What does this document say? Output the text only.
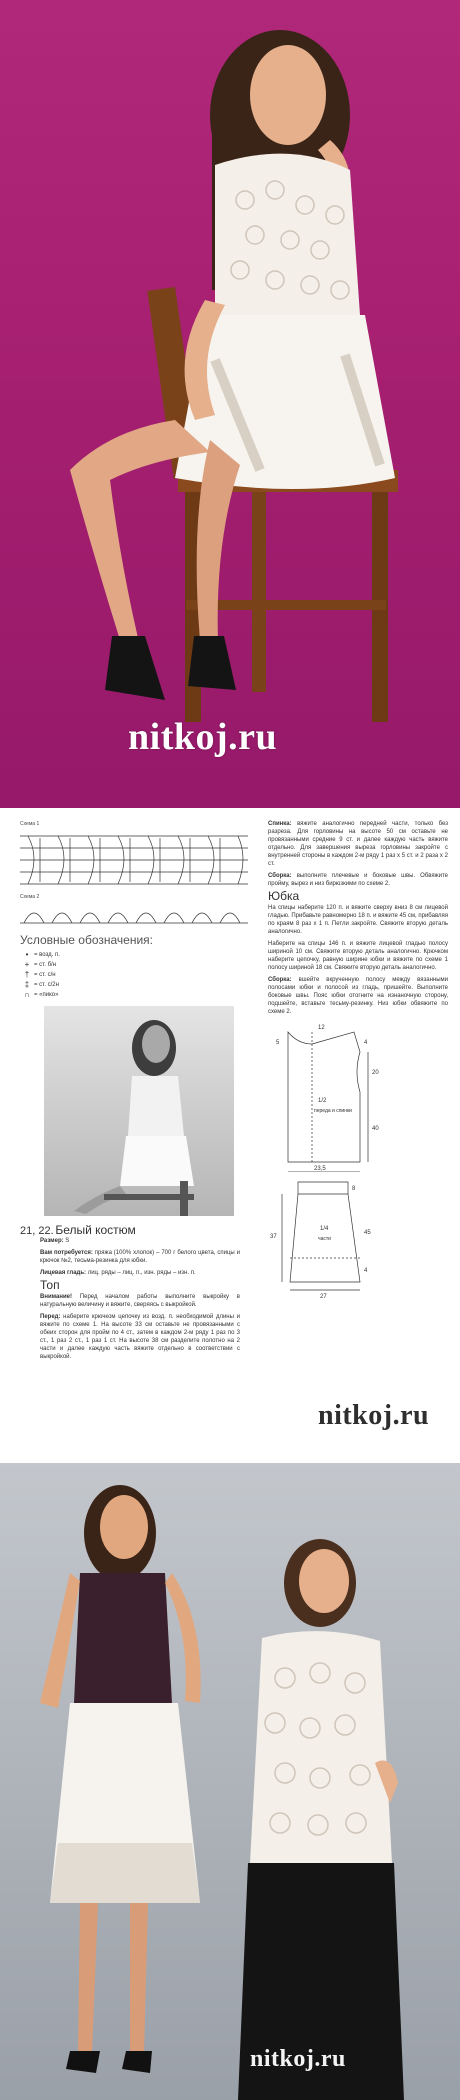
nitkoj.ru
Схема 1
Схема 2
Условные обозначения:
• = возд. п.
+ = ст. б/н
† = ст. с/н
‡ = ст. с/2н
∩ = «пико»
21, 22. Белый костюм

Размер: S

Вам потребуется: пряжа (100% хлопок) – 700 г белого цвета, спицы и крючок №2, тесьма-резинка для юбки.

Лицевая гладь: лиц. ряды – лиц. п., изн. ряды – изн. п.

Топ

Внимание! Перед началом работы выполните выкройку в натуральную величину и вяжите, сверяясь с выкройкой.

Перед: наберите крючком цепочку из возд. п. необходимой длины и вяжите по схеме 1. На высоте 33 см оставьте не провязанными с обеих сторон для пройм по 4 ст., затем в каждом 2-м ряду 1 раз по 3 ст., 1 раз 2 ст., 1 раз 1 ст. На высоте 38 см разделите полотно на 2 части и далее каждую часть вяжите отдельно в соответствии с выкройкой.

Спинка: вяжите аналогично передней части, только без разреза. Для горловины на высоте 50 см оставьте не провязанными средние 9 ст. и далее каждую часть вяжите отдельно. Для завершения выреза горловины закройте с внутренней стороны в каждом 2-м ряду 1 раз х 5 ст. и 2 раза х 2 ст.

Сборка: выполните плечевые и боковые швы. Обвяжите пройму, вырез и низ бирюзкими по схеме 2.

Юбка

На спицы наберите 120 п. и вяжите сверху вниз 8 см лицевой гладью. Прибавьте равномерно 18 п. и вяжите 45 см, прибавляя по краям 8 раз х 1 п. Петли закройте. Свяжите вторую деталь аналогично.

Наберите на спицы 146 п. и вяжите лицевой гладью полосу шириной 10 см. Свяжите вторую деталь аналогично. Крючком наберите цепочку, равную ширине юбки и вяжите по схеме 1 полосу шириной 18 см. Свяжите вторую деталь аналогично.

Сборка: вшейте вкрученную полосу между вязанными полосами юбки и полосой из гладь, пришейте. Выполните боковые швы. Пояс юбки отогните на изнаночную сторону, подшейте, вставьте тесьму-резинку. Низ юбки обвяжите по схеме 2.

12
20
40
5	4
23,5
1/2
переда и спинки
8
45
37
4
27
1/4
части
nitkoj.ru
nitkoj.ru
